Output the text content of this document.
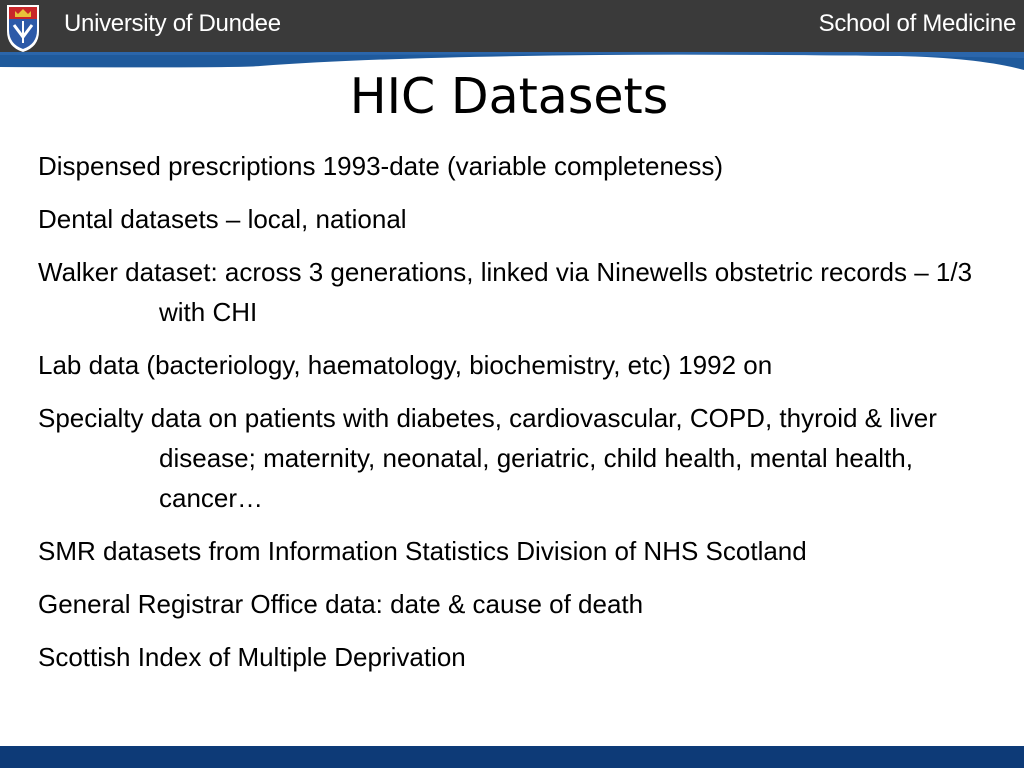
University of Dundee	School of Medicine
HIC Datasets
Dispensed prescriptions 1993-date (variable completeness)
Dental datasets – local, national
Walker dataset: across 3 generations, linked via Ninewells obstetric records – 1/3 with CHI
Lab data (bacteriology, haematology, biochemistry, etc) 1992 on
Specialty data on patients with diabetes, cardiovascular, COPD, thyroid & liver disease; maternity, neonatal, geriatric, child health, mental health, cancer…
SMR datasets from Information Statistics Division of NHS Scotland
General Registrar Office data: date & cause of death
Scottish Index of Multiple Deprivation
